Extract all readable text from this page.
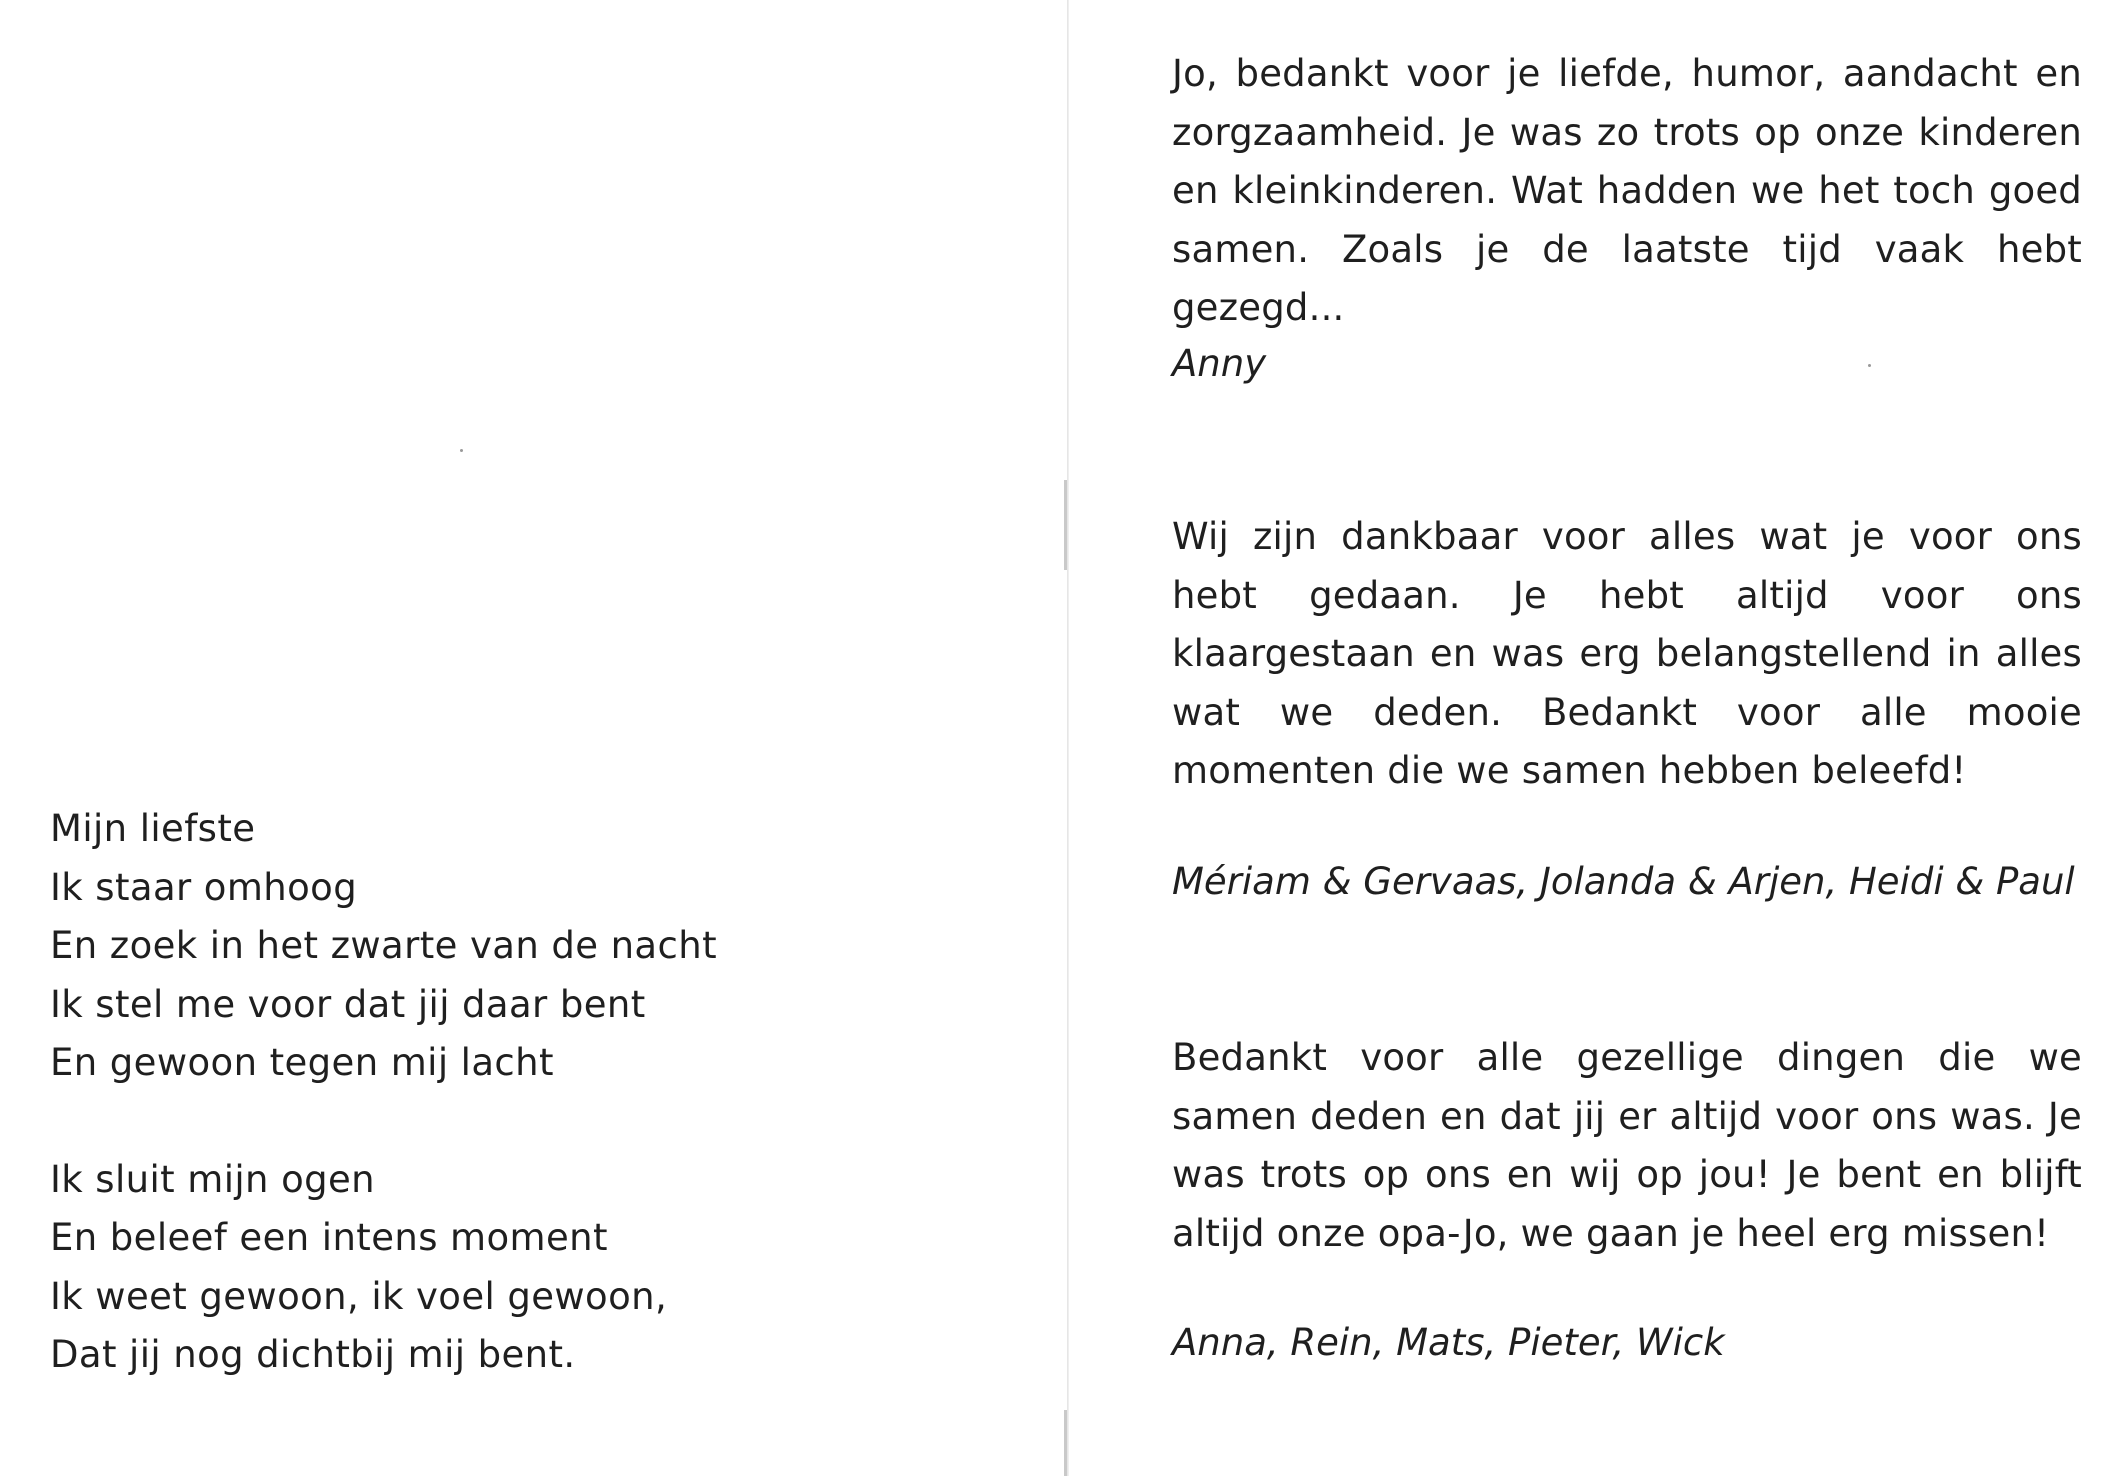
Mijn liefste
Ik staar omhoog
En zoek in het zwarte van de nacht
Ik stel me voor dat jij daar bent
En gewoon tegen mij lacht
Ik sluit mijn ogen
En beleef een intens moment
Ik weet gewoon, ik voel gewoon,
Dat jij nog dichtbij mij bent.

Jo, bedankt voor je liefde, humor, aandacht en zorgzaamheid. Je was zo trots op onze kinderen en kleinkinderen. Wat hadden we het toch goed samen. Zoals je de laatste tijd vaak hebt gezegd...

Anny

Wij zijn dankbaar voor alles wat je voor ons hebt gedaan. Je hebt altijd voor ons klaargestaan en was erg belangstellend in alles wat we deden. Bedankt voor alle mooie momenten die we samen hebben beleefd!

Mériam & Gervaas, Jolanda & Arjen, Heidi & Paul

Bedankt voor alle gezellige dingen die we samen deden en dat jij er altijd voor ons was. Je was trots op ons en wij op jou! Je bent en blijft altijd onze opa-Jo, we gaan je heel erg missen!

Anna, Rein, Mats, Pieter, Wick
